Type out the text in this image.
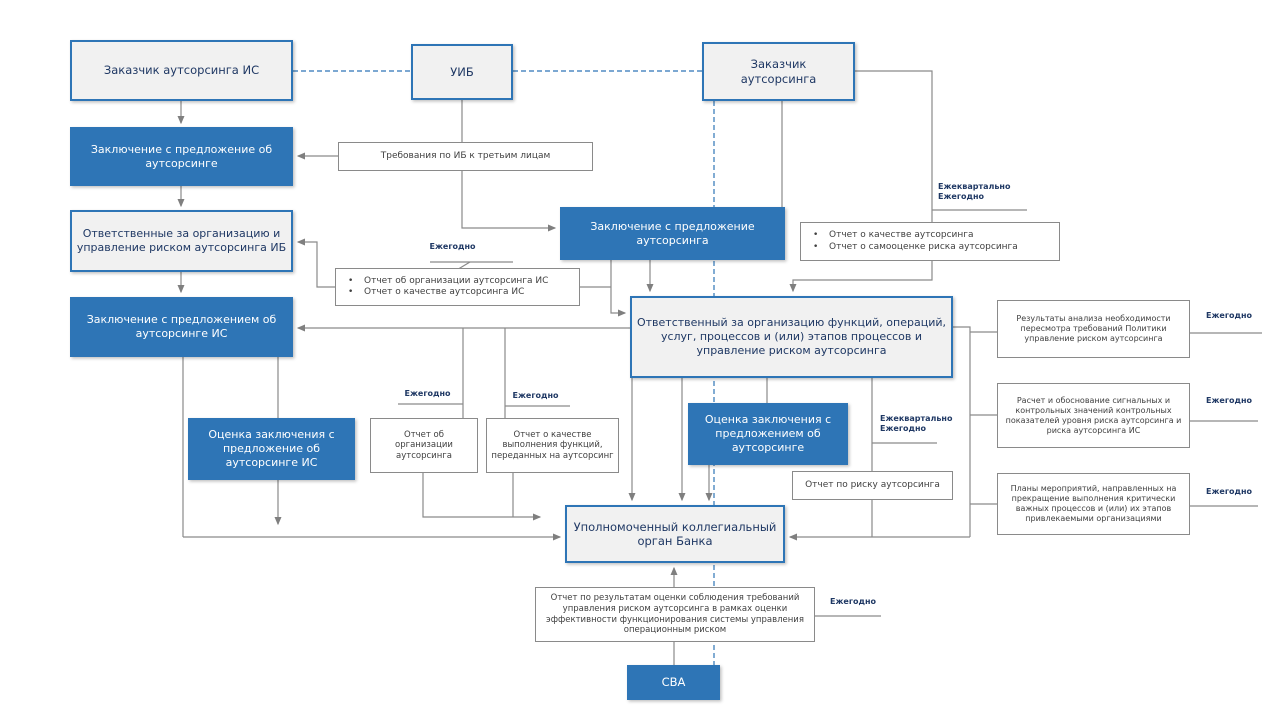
Заказчик аутсорсинга ИС	УИБ
Заказчик аутсорсинга
Заключение с предложение об аутсорсинге
Ответственные за организацию и управление риском аутсорсинга ИБ
Заключение с предложением об аутсорсинге ИС
Требования по ИБ к третьим лицам
Заключение с предложение аутсорсинга	• Отчет о качестве аутсорсинга
• Отчет о самооценке риска аутсорсинга
• Отчет об организации аутсорсинга ИС
• Отчет о качестве аутсорсинга ИС
Ответственный за организацию функций, операций, услуг, процессов и (или) этапов процессов и управление риском аутсорсинга
Оценка заключения с предложение об аутсорсинге ИС
Отчет об организации аутсорсинга
Отчет о качестве выполнения функций, переданных на аутсорсинг
Оценка заключения с предложением об аутсорсинге
Отчет по риску аутсорсинга
Уполномоченный коллегиальный орган Банка
Результаты анализа необходимости пересмотра требований Политики управление риском аутсорсинга
Расчет и обоснование сигнальных и контрольных значений контрольных показателей уровня риска аутсорсинга и риска аутсорсинга ИС
Планы мероприятий, направленных на прекращение выполнения критически важных процессов и (или) их этапов привлекаемыми организациями
Отчет по результатам оценки соблюдения требований управления риском аутсорсинга в рамках оценки эффективности функционирования системы управления операционным риском
СВА
Ежегодно
Ежеквартально
Ежегодно
Ежегодно	Ежегодно
Ежеквартально
Ежегодно
Ежегодно
Ежегодно
Ежегодно
Ежегодно
